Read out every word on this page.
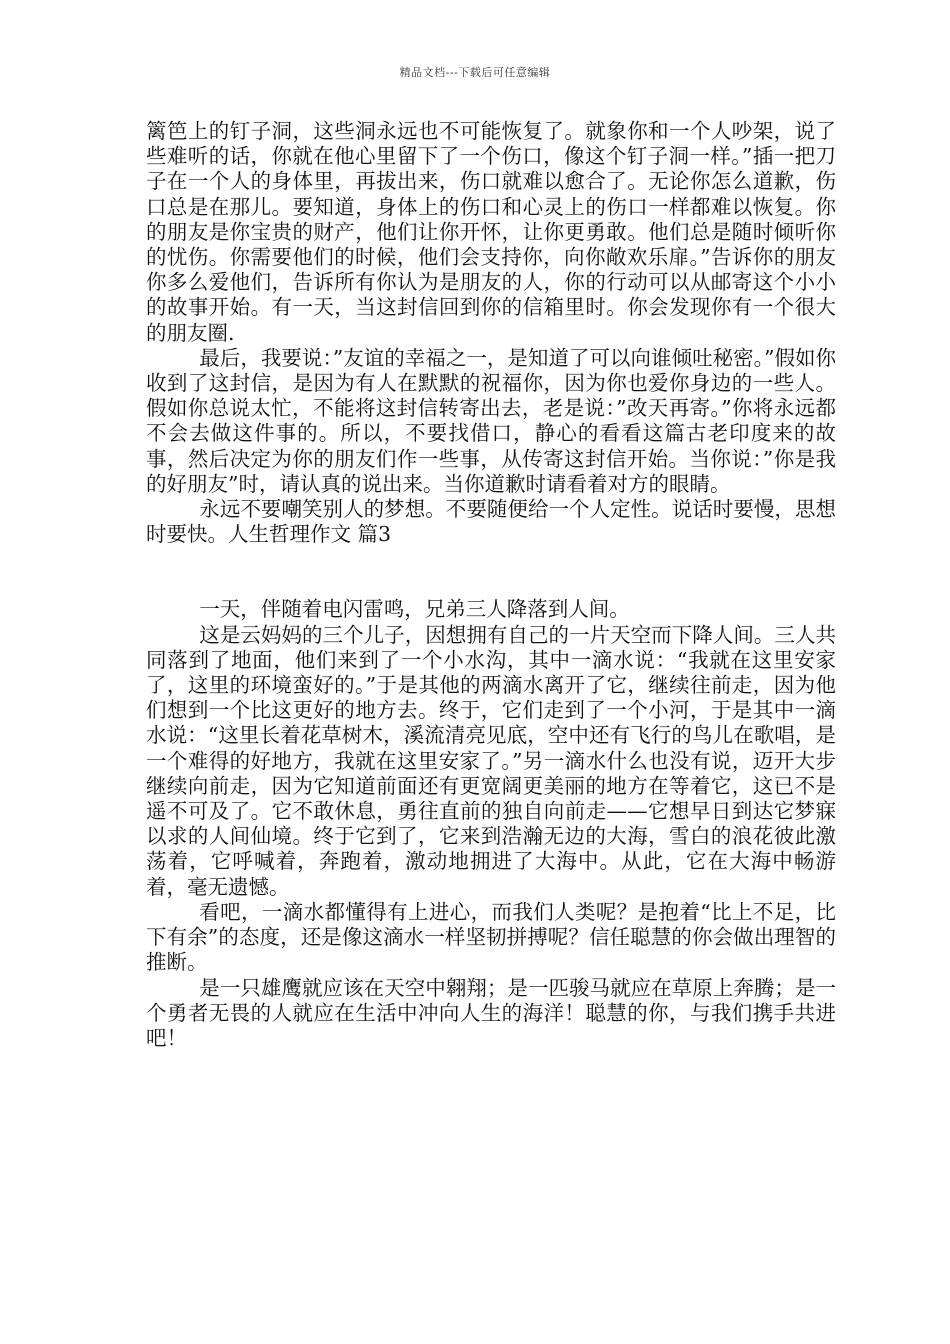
精品文档---下载后可任意编辑

篱笆上的钉子洞，这些洞永远也不可能恢复了。就象你和一个人吵架，说了些难听的话，你就在他心里留下了一个伤口，像这个钉子洞一样。”插一把刀子在一个人的身体里，再拔出来，伤口就难以愈合了。无论你怎么道歉，伤口总是在那儿。要知道，身体上的伤口和心灵上的伤口一样都难以恢复。你的朋友是你宝贵的财产，他们让你开怀，让你更勇敢。他们总是随时倾听你的忧伤。你需要他们的时候，他们会支持你，向你敞欢乐扉。”告诉你的朋友你多么爱他们，告诉所有你认为是朋友的人，你的行动可以从邮寄这个小小的故事开始。有一天，当这封信回到你的信箱里时。你会发现你有一个很大的朋友圈.

最后，我要说：”友谊的幸福之一，是知道了可以向谁倾吐秘密。”假如你收到了这封信，是因为有人在默默的祝福你，因为你也爱你身边的一些人。假如你总说太忙，不能将这封信转寄出去，老是说：”改天再寄。”你将永远都不会去做这件事的。所以，不要找借口，静心的看看这篇古老印度来的故事，然后决定为你的朋友们作一些事，从传寄这封信开始。当你说：”你是我的好朋友”时，请认真的说出来。当你道歉时请看着对方的眼睛。

永远不要嘲笑别人的梦想。不要随便给一个人定性。说话时要慢，思想时要快。人生哲理作文 篇3

一天，伴随着电闪雷鸣，兄弟三人降落到人间。

这是云妈妈的三个儿子，因想拥有自己的一片天空而下降人间。三人共同落到了地面，他们来到了一个小水沟，其中一滴水说：“我就在这里安家了，这里的环境蛮好的。”于是其他的两滴水离开了它，继续往前走，因为他们想到一个比这更好的地方去。终于，它们走到了一个小河，于是其中一滴水说：“这里长着花草树木，溪流清亮见底，空中还有飞行的鸟儿在歌唱，是一个难得的好地方，我就在这里安家了。”另一滴水什么也没有说，迈开大步继续向前走，因为它知道前面还有更宽阔更美丽的地方在等着它，这已不是遥不可及了。它不敢休息，勇往直前的独自向前走——它想早日到达它梦寐以求的人间仙境。终于它到了，它来到浩瀚无边的大海，雪白的浪花彼此激荡着，它呼喊着，奔跑着，激动地拥进了大海中。从此，它在大海中畅游着，毫无遗憾。

看吧，一滴水都懂得有上进心，而我们人类呢？是抱着“比上不足，比下有余”的态度，还是像这滴水一样坚韧拼搏呢？信任聪慧的你会做出理智的推断。

是一只雄鹰就应该在天空中翱翔；是一匹骏马就应在草原上奔腾；是一个勇者无畏的人就应在生活中冲向人生的海洋！聪慧的你，与我们携手共进吧！
